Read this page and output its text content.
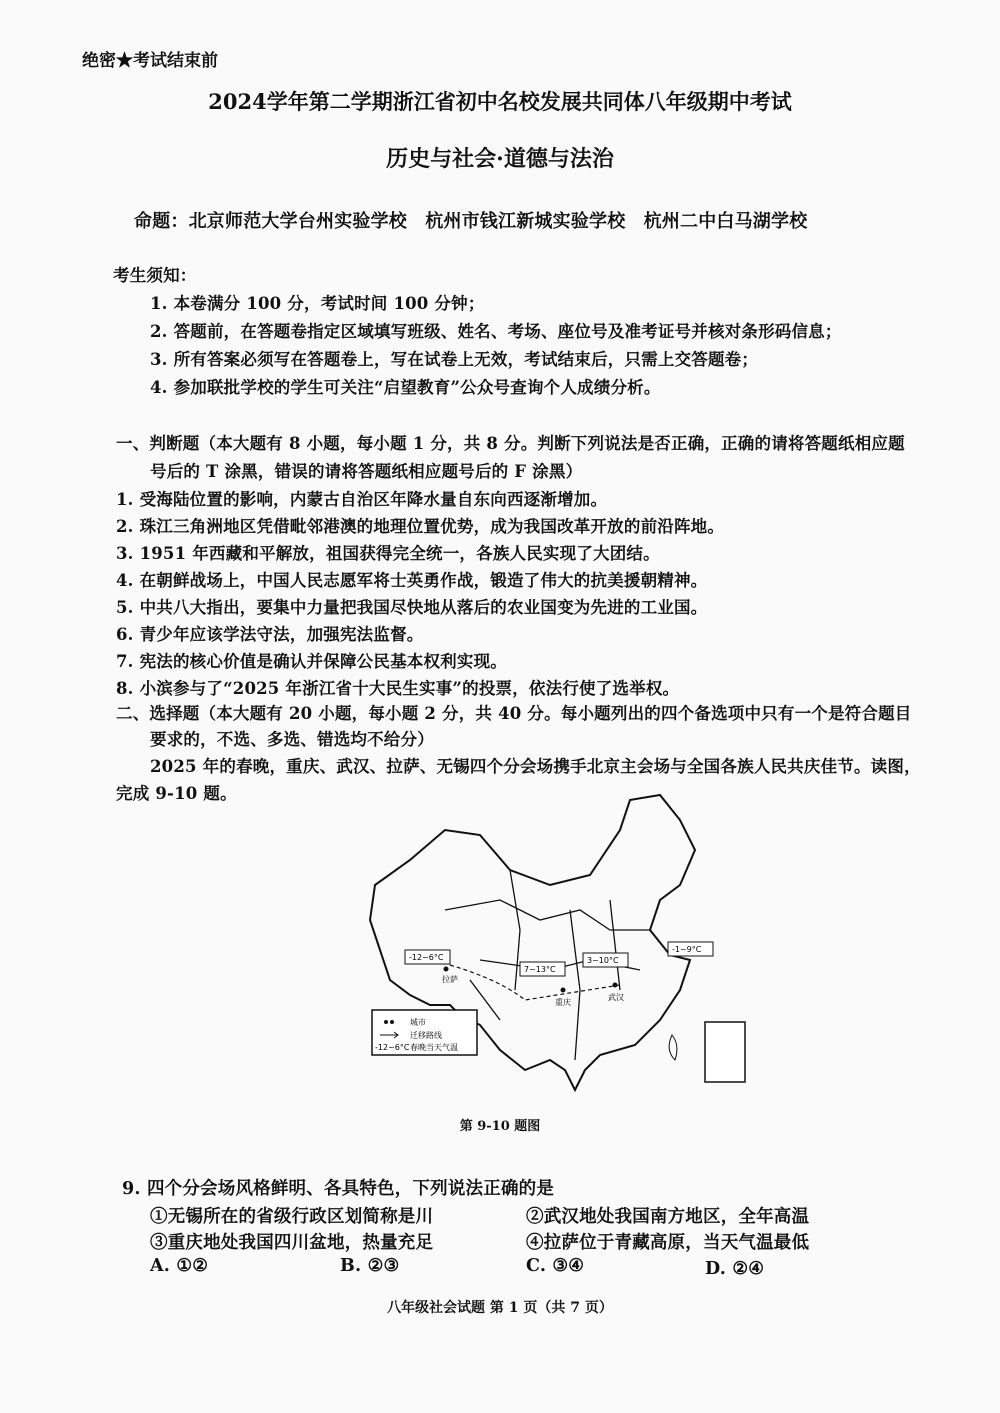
绝密★考试结束前
2024学年第二学期浙江省初中名校发展共同体八年级期中考试
历史与社会·道德与法治
命题：北京师范大学台州实验学校　杭州市钱江新城实验学校　杭州二中白马湖学校
考生须知：
1. 本卷满分 100 分，考试时间 100 分钟；
2. 答题前，在答题卷指定区域填写班级、姓名、考场、座位号及准考证号并核对条形码信息；
3. 所有答案必须写在答题卷上，写在试卷上无效，考试结束后，只需上交答题卷；
4. 参加联批学校的学生可关注“启望教育”公众号查询个人成绩分析。
一、判断题（本大题有 8 小题，每小题 1 分，共 8 分。判断下列说法是否正确，正确的请将答题纸相应题
号后的 T 涂黑，错误的请将答题纸相应题号后的 F 涂黑）
1. 受海陆位置的影响，内蒙古自治区年降水量自东向西逐渐增加。
2. 珠江三角洲地区凭借毗邻港澳的地理位置优势，成为我国改革开放的前沿阵地。
3. 1951 年西藏和平解放，祖国获得完全统一，各族人民实现了大团结。
4. 在朝鲜战场上，中国人民志愿军将士英勇作战，锻造了伟大的抗美援朝精神。
5. 中共八大指出，要集中力量把我国尽快地从落后的农业国变为先进的工业国。
6. 青少年应该学法守法，加强宪法监督。
7. 宪法的核心价值是确认并保障公民基本权利实现。
8. 小滨参与了“2025 年浙江省十大民生实事”的投票，依法行使了选举权。
二、选择题（本大题有 20 小题，每小题 2 分，共 40 分。每小题列出的四个备选项中只有一个是符合题目
要求的，不选、多选、错选均不给分）
2025 年的春晚，重庆、武汉、拉萨、无锡四个分会场携手北京主会场与全国各族人民共庆佳节。读图，
完成 9-10 题。
-12~6°C
7~13°C
3~10°C
-1~9°C
拉萨
重庆
武汉
城市
迁移路线
-12~6°C 春晚当天气温
第 9-10 题图
9. 四个分会场风格鲜明、各具特色，下列说法正确的是
①无锡所在的省级行政区划简称是川	②武汉地处我国南方地区，全年高温
③重庆地处我国四川盆地，热量充足	④拉萨位于青藏高原，当天气温最低
A. ①②	B. ②③	C. ③④	D. ②④
八年级社会试题 第 1 页（共 7 页）
